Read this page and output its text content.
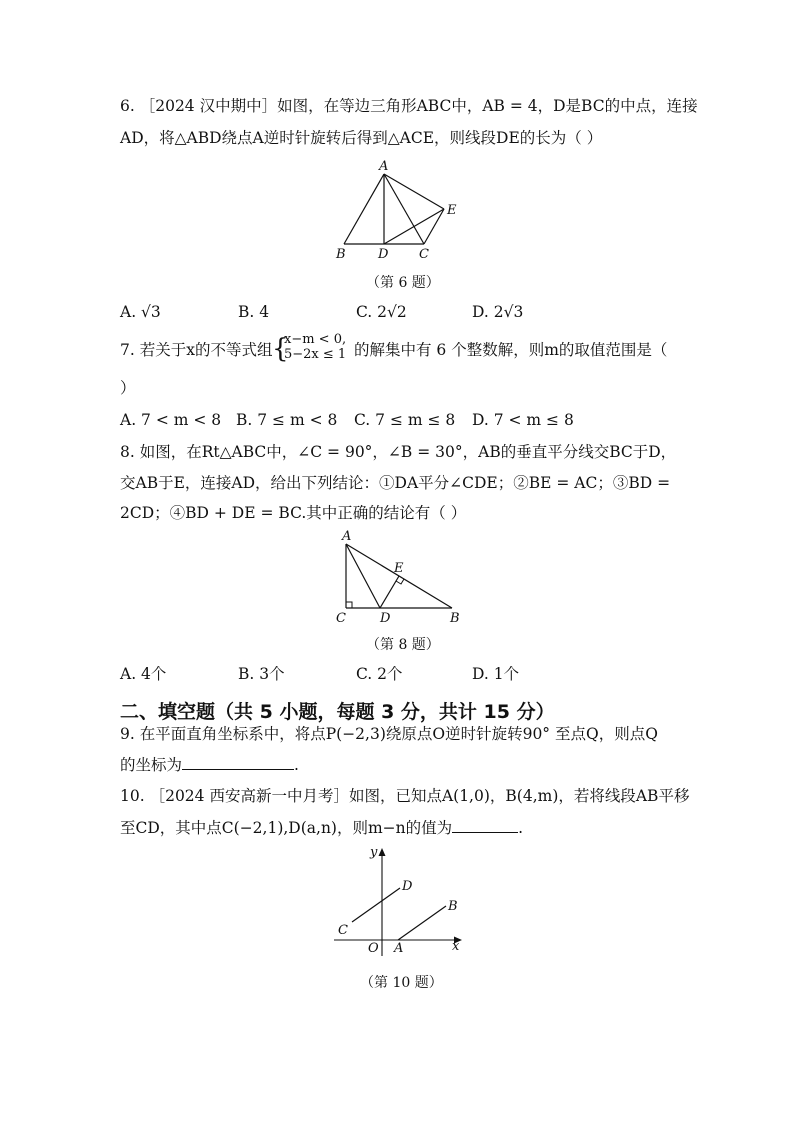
6. ［2024 汉中期中］如图，在等边三角形ABC中，AB = 4，D是BC的中点，连接
AD，将△ABD绕点A逆时针旋转后得到△ACE，则线段DE的长为（ ）
A
B D C
E
（第 6 题）
A. √3	B. 4	C. 2√2	D. 2√3
7. 若关于x的不等式组 {
x−m < 0,
5−2x ≤ 1 的解集中有 6 个整数解，则m的取值范围是（
）
A. 7 < m < 8 B. 7 ≤ m < 8 C. 7 ≤ m ≤ 8 D. 7 < m ≤ 8
8. 如图，在Rt△ABC中，∠C = 90°，∠B = 30°，AB的垂直平分线交BC于D，
交AB于E，连接AD，给出下列结论：①DA平分∠CDE；②BE = AC；③BD =
2CD；④BD + DE = BC.其中正确的结论有（ ）
A
C	D	B
E
（第 8 题）
A. 4个	B. 3个	C. 2个	D. 1个
二、填空题（共 5 小题，每题 3 分，共计 15 分）
9. 在平面直角坐标系中，将点P(−2,3)绕原点O逆时针旋转90° 至点Q，则点Q
的坐标为	.
10. ［2024 西安高新一中月考］如图，已知点A(1,0)，B(4,m)，若将线段AB平移
至CD，其中点C(−2,1),D(a,n)，则m−n的值为	.
y
x
O A
B
C
D
（第 10 题）
